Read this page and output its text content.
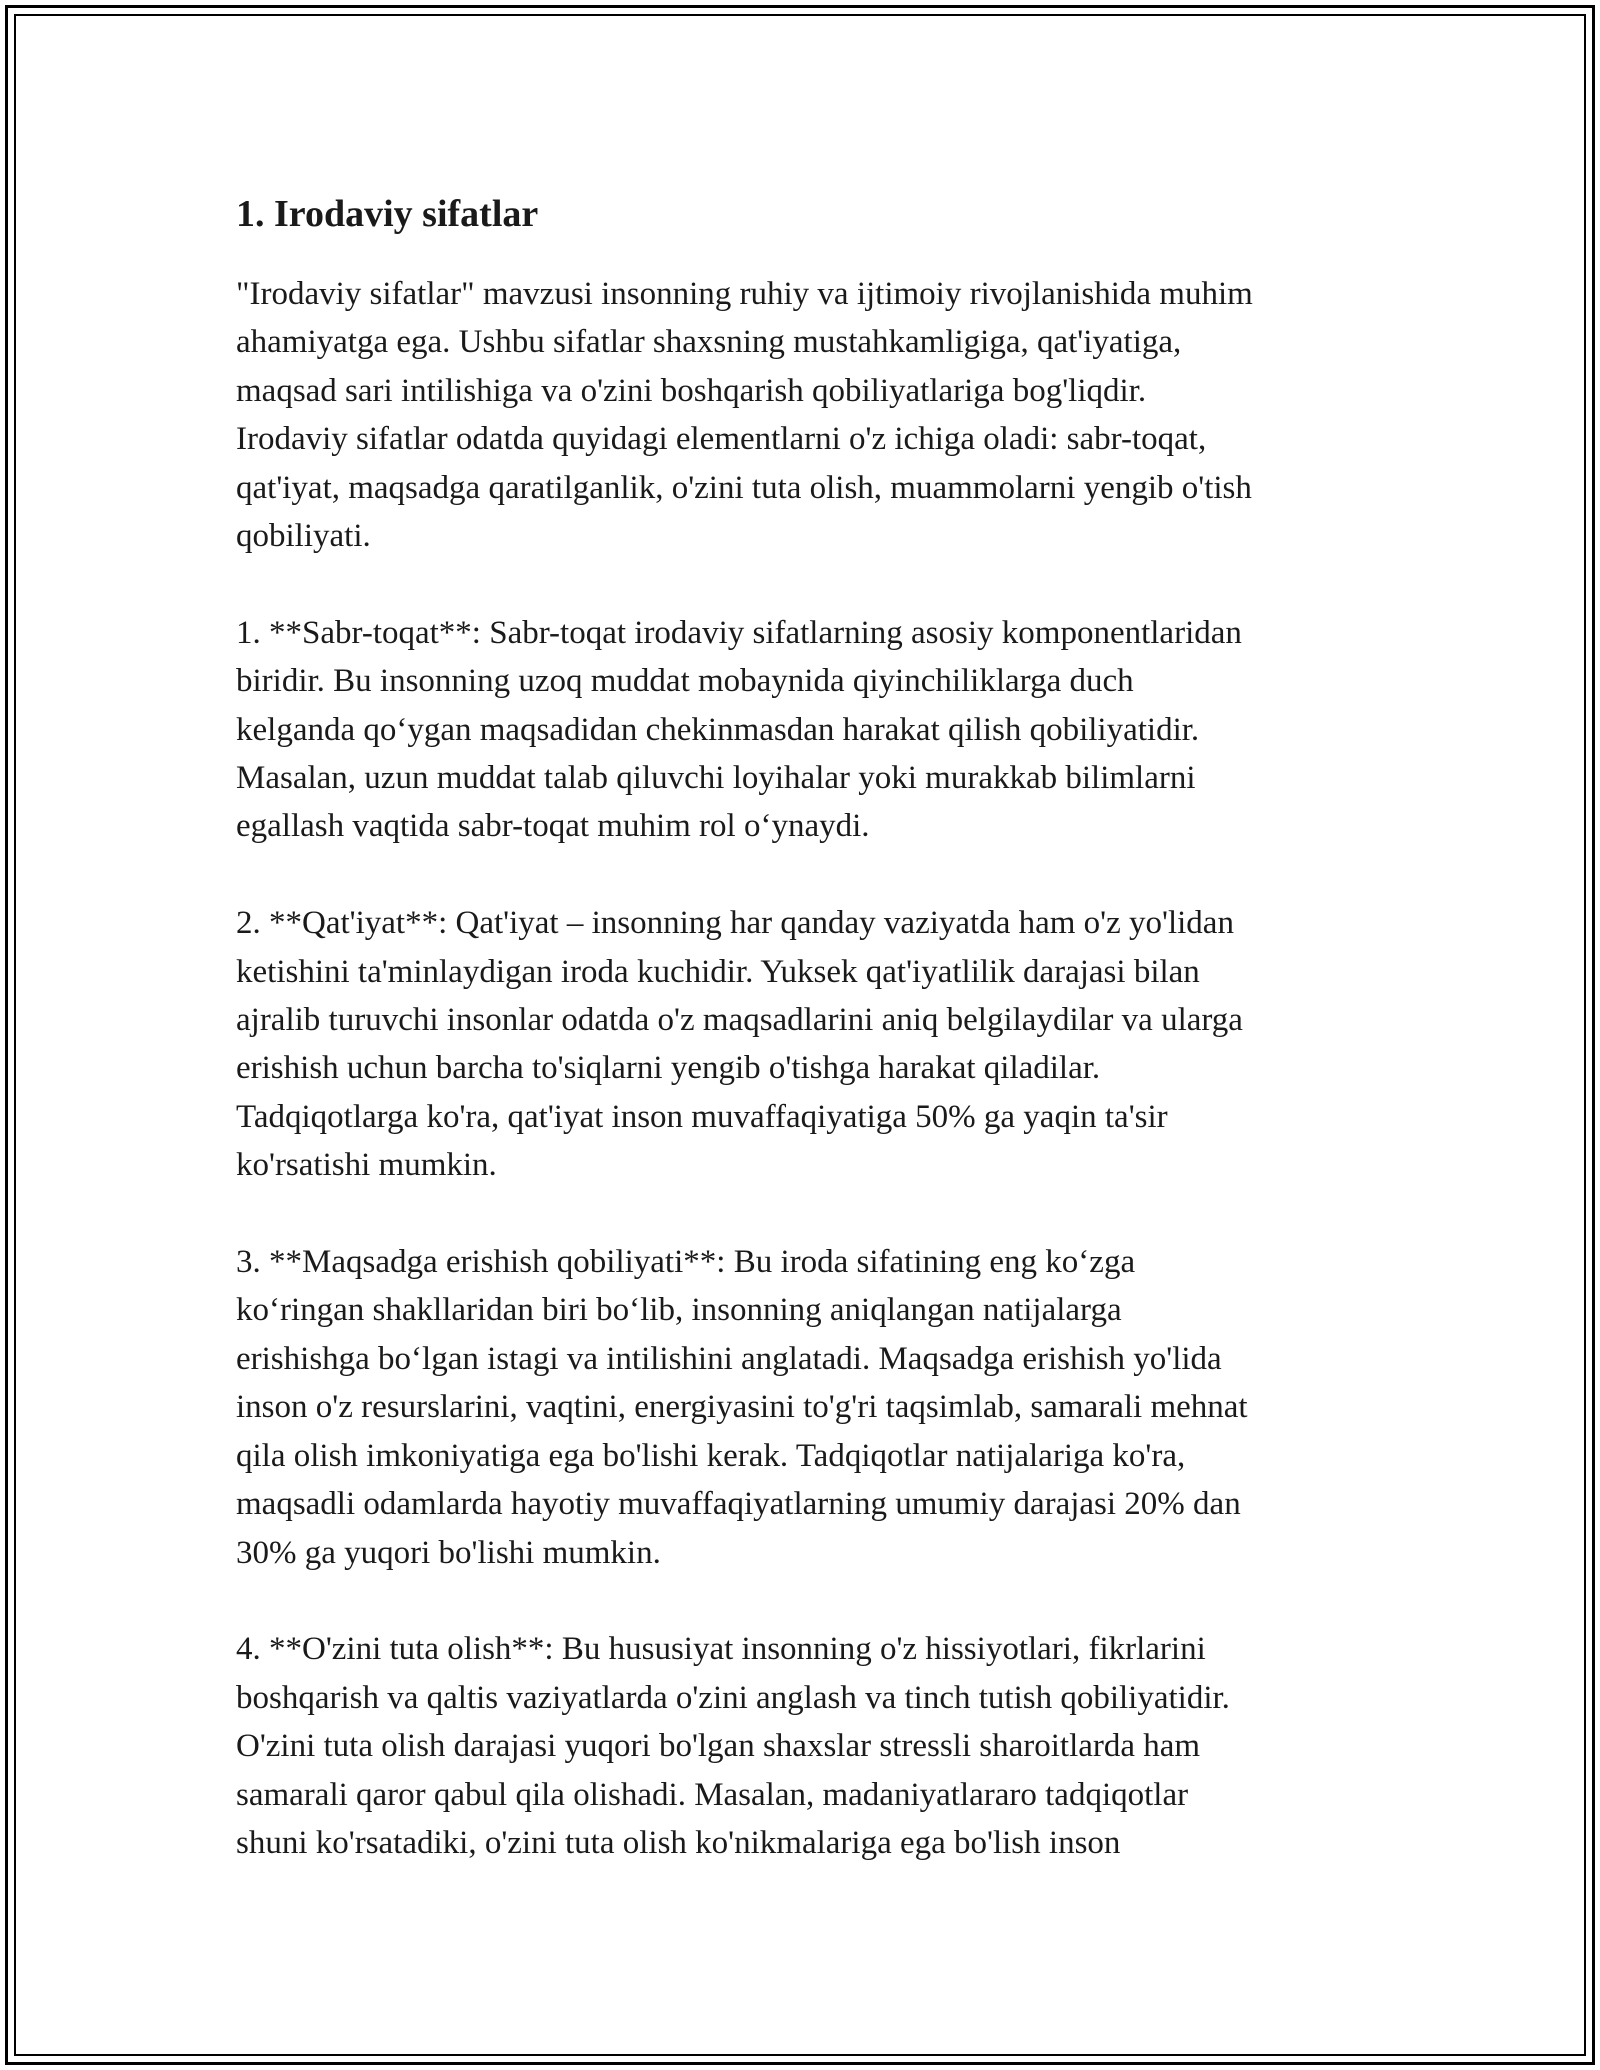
1. Irodaviy sifatlar

"Irodaviy sifatlar" mavzusi insonning ruhiy va ijtimoiy rivojlanishida muhim
ahamiyatga ega. Ushbu sifatlar shaxsning mustahkamligiga, qat'iyatiga,
maqsad sari intilishiga va o'zini boshqarish qobiliyatlariga bog'liqdir.
Irodaviy sifatlar odatda quyidagi elementlarni o'z ichiga oladi: sabr-toqat,
qat'iyat, maqsadga qaratilganlik, o'zini tuta olish, muammolarni yengib o'tish
qobiliyati.

1. **Sabr-toqat**: Sabr-toqat irodaviy sifatlarning asosiy komponentlaridan
biridir. Bu insonning uzoq muddat mobaynida qiyinchiliklarga duch
kelganda qo‘ygan maqsadidan chekinmasdan harakat qilish qobiliyatidir.
Masalan, uzun muddat talab qiluvchi loyihalar yoki murakkab bilimlarni
egallash vaqtida sabr-toqat muhim rol o‘ynaydi.

2. **Qat'iyat**: Qat'iyat – insonning har qanday vaziyatda ham o'z yo'lidan
ketishini ta'minlaydigan iroda kuchidir. Yuksek qat'iyatlilik darajasi bilan
ajralib turuvchi insonlar odatda o'z maqsadlarini aniq belgilaydilar va ularga
erishish uchun barcha to'siqlarni yengib o'tishga harakat qiladilar.
Tadqiqotlarga ko'ra, qat'iyat inson muvaffaqiyatiga 50% ga yaqin ta'sir
ko'rsatishi mumkin.

3. **Maqsadga erishish qobiliyati**: Bu iroda sifatining eng ko‘zga
ko‘ringan shakllaridan biri bo‘lib, insonning aniqlangan natijalarga
erishishga bo‘lgan istagi va intilishini anglatadi. Maqsadga erishish yo'lida
inson o'z resurslarini, vaqtini, energiyasini to'g'ri taqsimlab, samarali mehnat
qila olish imkoniyatiga ega bo'lishi kerak. Tadqiqotlar natijalariga ko'ra,
maqsadli odamlarda hayotiy muvaffaqiyatlarning umumiy darajasi 20% dan
30% ga yuqori bo'lishi mumkin.

4. **O'zini tuta olish**: Bu hususiyat insonning o'z hissiyotlari, fikrlarini
boshqarish va qaltis vaziyatlarda o'zini anglash va tinch tutish qobiliyatidir.
O'zini tuta olish darajasi yuqori bo'lgan shaxslar stressli sharoitlarda ham
samarali qaror qabul qila olishadi. Masalan, madaniyatlararo tadqiqotlar
shuni ko'rsatadiki, o'zini tuta olish ko'nikmalariga ega bo'lish inson
